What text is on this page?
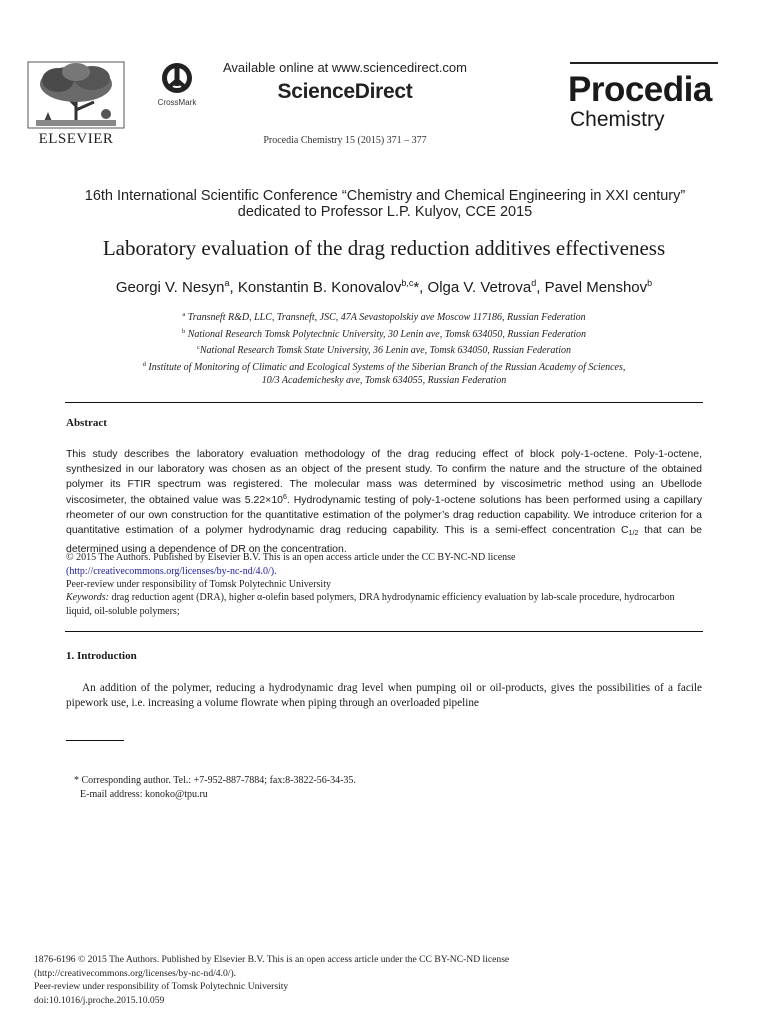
ELSEVIER
CrossMark
Available online at www.sciencedirect.com
ScienceDirect
Procedia Chemistry 15 (2015) 371 – 377
Procedia
Chemistry
16th International Scientific Conference “Chemistry and Chemical Engineering in XXI century”
dedicated to Professor L.P. Kulyov, CCE 2015
Laboratory evaluation of the drag reduction additives effectiveness
Georgi V. Nesyn$^a$, Konstantin B. Konovalov$^{b,c}$*, Olga V. Vetrova$^d$, Pavel Menshov$^b$
$^a$ Transneft R&D, LLC, Transneft, JSC, 47A Sevastopolskiy ave Moscow 117186, Russian Federation
$^b$ National Research Tomsk Polytechnic University, 30 Lenin ave, Tomsk 634050, Russian Federation
$^c$National Research Tomsk State University, 36 Lenin ave, Tomsk 634050, Russian Federation
$^d$ Institute of Monitoring of Climatic and Ecological Systems of the Siberian Branch of the Russian Academy of Sciences,
10/3 Academichesky ave, Tomsk 634055, Russian Federation
Abstract
This study describes the laboratory evaluation methodology of the drag reducing effect of block poly-1-octene. Poly-1-octene, synthesized in our laboratory was chosen as an object of the present study. To confirm the nature and the structure of the obtained polymer its FTIR spectrum was registered. The molecular mass was determined by viscosimetric method using an Ubellode viscosimeter, the obtained value was $5.22\times 10^6$. Hydrodynamic testing of poly-1-octene solutions has been performed using a capillary rheometer of our own construction for the quantitative estimation of the polymer’s drag reduction capability. We introduce criterion for a quantitative estimation of a polymer hydrodynamic drag reducing capability. This is a semi-effect concentration $C_{1/2}$ that can be determined using a dependence of DR on the concentration.
© 2015 The Authors. Published by Elsevier B.V. This is an open access article under the CC BY-NC-ND license
(http://creativecommons.org/licenses/by-nc-nd/4.0/).
Peer-review under responsibility of Tomsk Polytechnic University
Keywords: drag reduction agent (DRA), higher α-olefin based polymers, DRA hydrodynamic efficiency evaluation by lab-scale procedure, hydrocarbon liquid, oil-soluble polymers;
1. Introduction
An addition of the polymer, reducing a hydrodynamic drag level when pumping oil or oil-products, gives the possibilities of a facile pipework use, i.e. increasing a volume flowrate when piping through an overloaded pipeline
* Corresponding author. Tel.: +7-952-887-7884; fax:8-3822-56-34-35.
E-mail address: konoko@tpu.ru
1876-6196 © 2015 The Authors. Published by Elsevier B.V. This is an open access article under the CC BY-NC-ND license
(http://creativecommons.org/licenses/by-nc-nd/4.0/).
Peer-review under responsibility of Tomsk Polytechnic University
doi:10.1016/j.proche.2015.10.059
